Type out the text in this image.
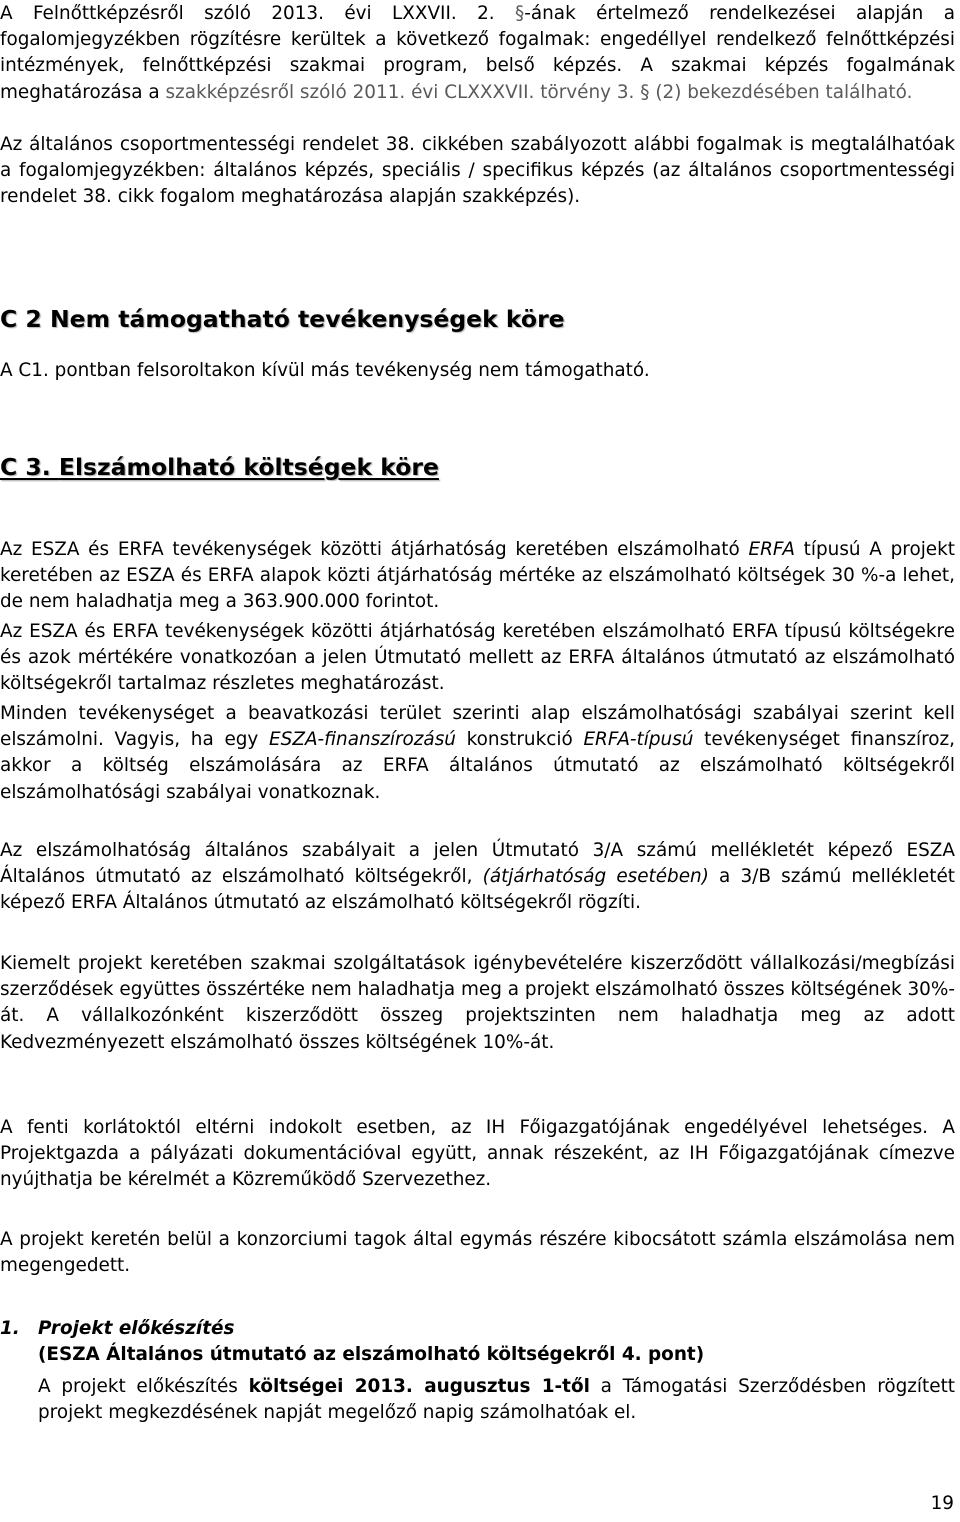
A Felnőttképzésről szóló 2013. évi LXXVII. 2. §-ának értelmező rendelkezései alapján a fogalomjegyzékben rögzítésre kerültek a következő fogalmak: engedéllyel rendelkező felnőttképzési intézmények, felnőttképzési szakmai program, belső képzés. A szakmai képzés fogalmának meghatározása a szakképzésről szóló 2011. évi CLXXXVII. törvény 3. § (2) bekezdésében található.

Az általános csoportmentességi rendelet 38. cikkében szabályozott alábbi fogalmak is megtalálhatóak a fogalomjegyzékben: általános képzés, speciális / specifikus képzés (az általános csoportmentességi rendelet 38. cikk fogalom meghatározása alapján szakképzés).

C 2 Nem támogatható tevékenységek köre

A C1. pontban felsoroltakon kívül más tevékenység nem támogatható.

C 3. Elszámolható költségek köre

Az ESZA és ERFA tevékenységek közötti átjárhatóság keretében elszámolható ERFA típusú A projekt keretében az ESZA és ERFA alapok közti átjárhatóság mértéke az elszámolható költségek 30 %-a lehet, de nem haladhatja meg a 363.900.000 forintot.

Az ESZA és ERFA tevékenységek közötti átjárhatóság keretében elszámolható ERFA típusú költségekre és azok mértékére vonatkozóan a jelen Útmutató mellett az ERFA általános útmutató az elszámolható költségekről tartalmaz részletes meghatározást.

Minden tevékenységet a beavatkozási terület szerinti alap elszámolhatósági szabályai szerint kell elszámolni. Vagyis, ha egy ESZA-finanszírozású konstrukció ERFA-típusú tevékenységet finanszíroz, akkor a költség elszámolására az ERFA általános útmutató az elszámolható költségekről elszámolhatósági szabályai vonatkoznak.

Az elszámolhatóság általános szabályait a jelen Útmutató 3/A számú mellékletét képező ESZA Általános útmutató az elszámolható költségekről, (átjárhatóság esetében) a 3/B számú mellékletét képező ERFA Általános útmutató az elszámolható költségekről rögzíti.

Kiemelt projekt keretében szakmai szolgáltatások igénybevételére kiszerződött vállalkozási/megbízási szerződések együttes összértéke nem haladhatja meg a projekt elszámolható összes költségének 30%-át. A vállalkozónként kiszerződött összeg projektszinten nem haladhatja meg az adott Kedvezményezett elszámolható összes költségének 10%-át.

A fenti korlátoktól eltérni indokolt esetben, az IH Főigazgatójának engedélyével lehetséges. A Projektgazda a pályázati dokumentációval együtt, annak részeként, az IH Főigazgatójának címezve nyújthatja be kérelmét a Közreműködő Szervezethez.

A projekt keretén belül a konzorciumi tagok által egymás részére kibocsátott számla elszámolása nem megengedett.

1. Projekt előkészítés

(ESZA Általános útmutató az elszámolható költségekről 4. pont)

A projekt előkészítés költségei 2013. augusztus 1-től a Támogatási Szerződésben rögzített projekt megkezdésének napját megelőző napig számolhatóak el.

19
